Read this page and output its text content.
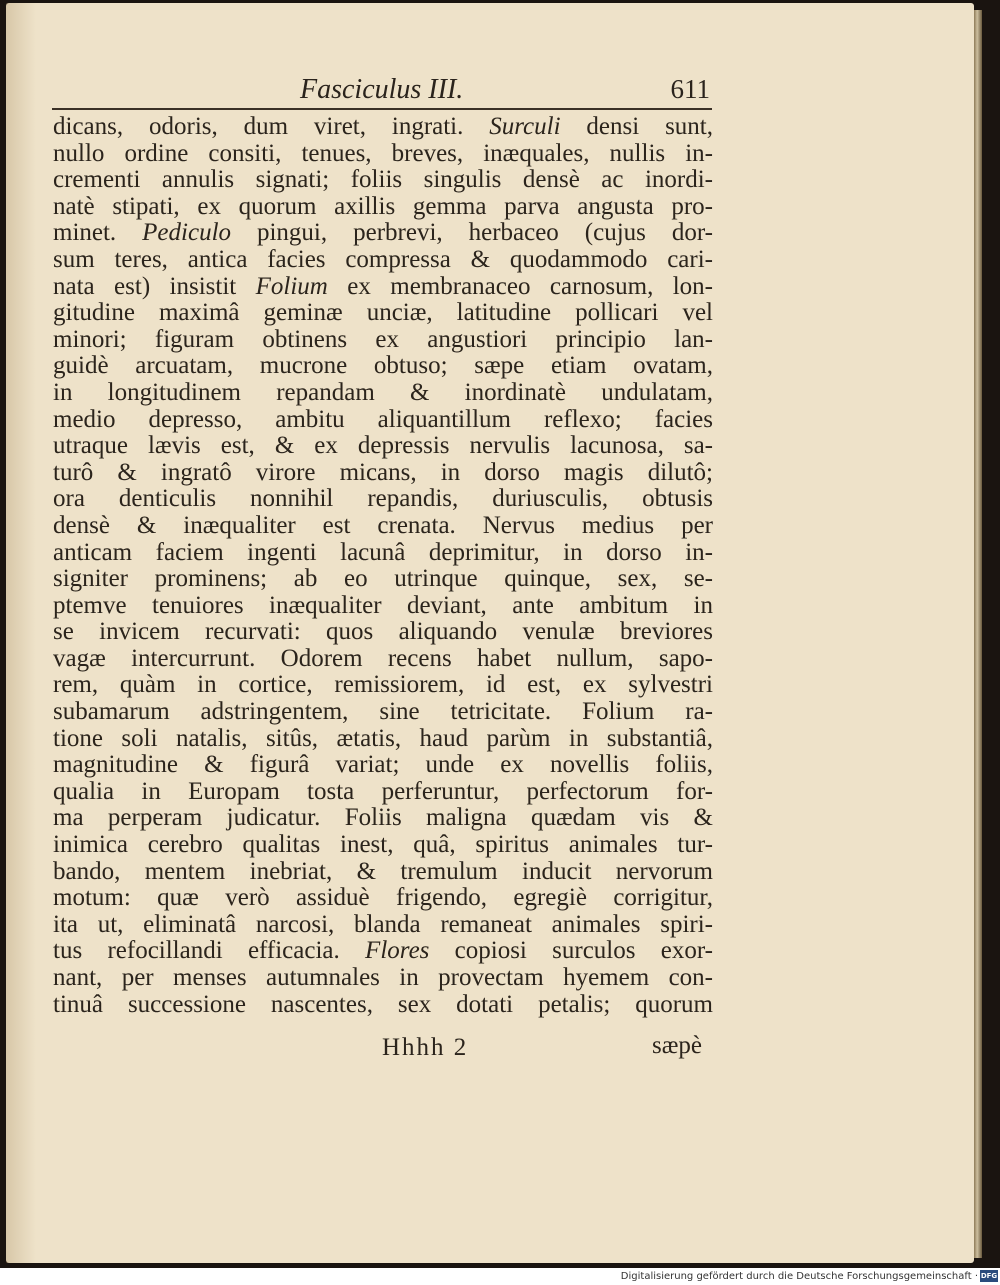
Fasciculus III.	611
dicans, odoris, dum viret, ingrati. Surculi densi sunt,
nullo ordine consiti, tenues, breves, inæquales, nullis in-
crementi annulis signati; foliis singulis densè ac inordi-
natè stipati, ex quorum axillis gemma parva angusta pro-
minet. Pediculo pingui, perbrevi, herbaceo (cujus dor-
sum teres, antica facies compressa & quodammodo cari-
nata est) insistit Folium ex membranaceo carnosum, lon-
gitudine maximâ geminæ unciæ, latitudine pollicari vel
minori; figuram obtinens ex angustiori principio lan-
guidè arcuatam, mucrone obtuso; sæpe etiam ovatam,
in longitudinem repandam & inordinatè undulatam,
medio depresso, ambitu aliquantillum reflexo; facies
utraque lævis est, & ex depressis nervulis lacunosa, sa-
turô & ingratô virore micans, in dorso magis dilutô;
ora denticulis nonnihil repandis, duriusculis, obtusis
densè & inæqualiter est crenata. Nervus medius per
anticam faciem ingenti lacunâ deprimitur, in dorso in-
signiter prominens; ab eo utrinque quinque, sex, se-
ptemve tenuiores inæqualiter deviant, ante ambitum in
se invicem recurvati: quos aliquando venulæ breviores
vagæ intercurrunt. Odorem recens habet nullum, sapo-
rem, quàm in cortice, remissiorem, id est, ex sylvestri
subamarum adstringentem, sine tetricitate. Folium ra-
tione soli natalis, sitûs, ætatis, haud parùm in substantiâ,
magnitudine & figurâ variat; unde ex novellis foliis,
qualia in Europam tosta perferuntur, perfectorum for-
ma perperam judicatur. Foliis maligna quædam vis &
inimica cerebro qualitas inest, quâ, spiritus animales tur-
bando, mentem inebriat, & tremulum inducit nervorum
motum: quæ verò assiduè frigendo, egregiè corrigitur,
ita ut, eliminatâ narcosi, blanda remaneat animales spiri-
tus refocillandi efficacia. Flores copiosi surculos exor-
nant, per menses autumnales in provectam hyemem con-
tinuâ successione nascentes, sex dotati petalis; quorum
Hhhh 2	sæpè
Digitalisierung gefördert durch die Deutsche Forschungsgemeinschaft · DFG
